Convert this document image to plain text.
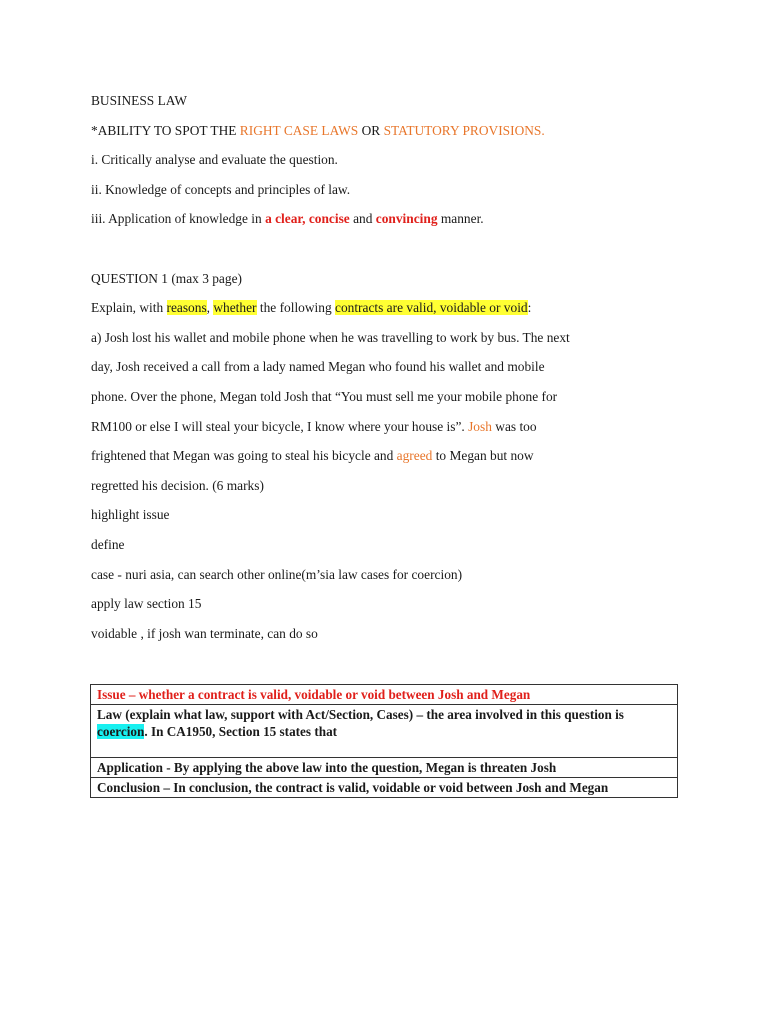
BUSINESS LAW
*ABILITY TO SPOT THE RIGHT CASE LAWS OR STATUTORY PROVISIONS.
i. Critically analyse and evaluate the question.
ii. Knowledge of concepts and principles of law.
iii. Application of knowledge in a clear, concise and convincing manner.
QUESTION 1 (max 3 page)
Explain, with reasons, whether the following contracts are valid, voidable or void:
a) Josh lost his wallet and mobile phone when he was travelling to work by bus. The next
day, Josh received a call from a lady named Megan who found his wallet and mobile
phone. Over the phone, Megan told Josh that “You must sell me your mobile phone for
RM100 or else I will steal your bicycle, I know where your house is”. Josh was too
frightened that Megan was going to steal his bicycle and agreed to Megan but now
regretted his decision. (6 marks)
highlight issue
define
case - nuri asia, can search other online(m’sia law cases for coercion)
apply law section 15
voidable , if josh wan terminate, can do so
Issue – whether a contract is valid, voidable or void between Josh and Megan
Law (explain what law, support with Act/Section, Cases) – the area involved in this question is coercion. In CA1950, Section 15 states that
Application - By applying the above law into the question, Megan is threaten Josh
Conclusion – In conclusion, the contract is valid, voidable or void between Josh and Megan
